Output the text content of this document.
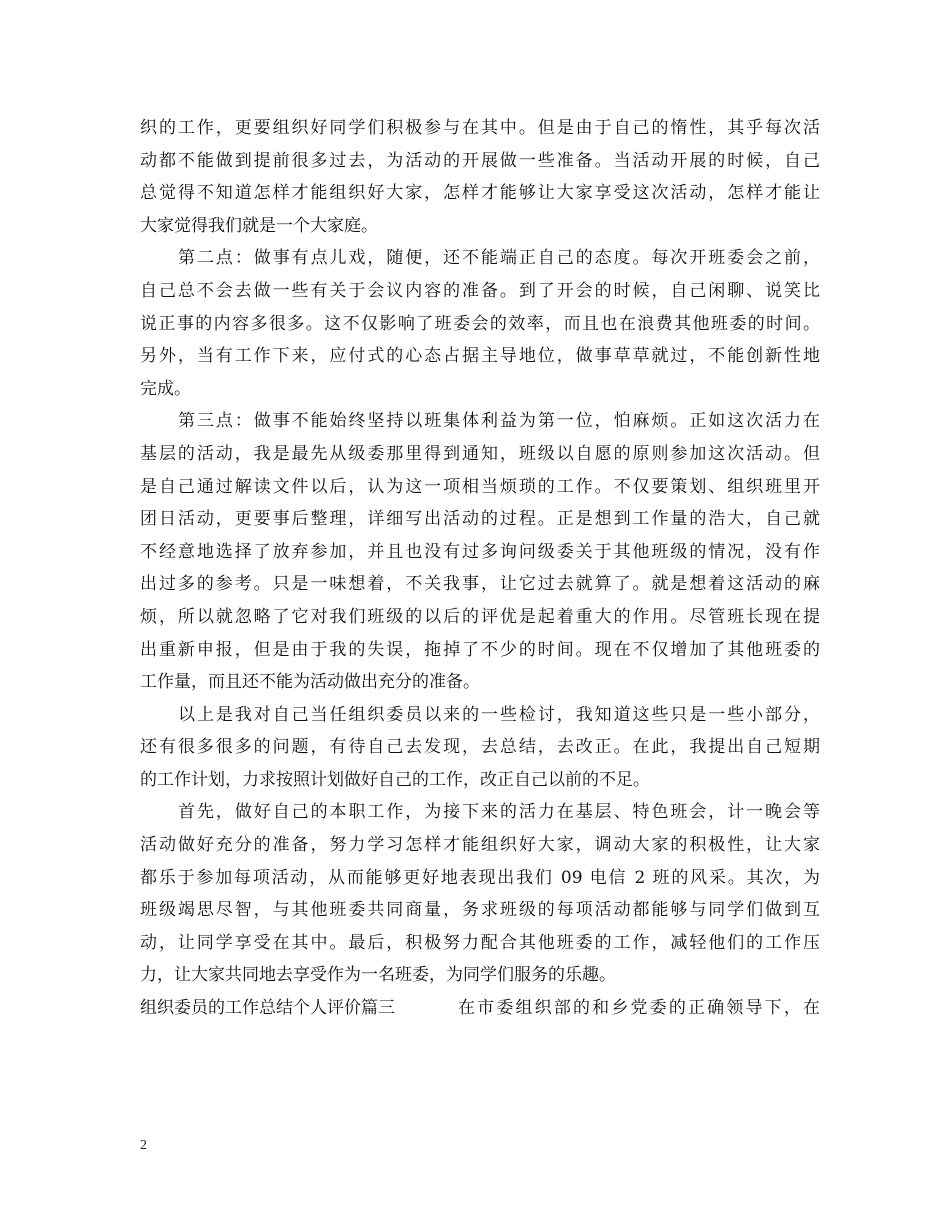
织的工作，更要组织好同学们积极参与在其中。但是由于自己的惰性，其乎每次活
动都不能做到提前很多过去，为活动的开展做一些准备。当活动开展的时候，自己
总觉得不知道怎样才能组织好大家，怎样才能够让大家享受这次活动，怎样才能让
大家觉得我们就是一个大家庭。
第二点：做事有点儿戏，随便，还不能端正自己的态度。每次开班委会之前，
自己总不会去做一些有关于会议内容的准备。到了开会的时候，自己闲聊、说笑比
说正事的内容多很多。这不仅影响了班委会的效率，而且也在浪费其他班委的时间。
另外，当有工作下来，应付式的心态占据主导地位，做事草草就过，不能创新性地
完成。
第三点：做事不能始终坚持以班集体利益为第一位，怕麻烦。正如这次活力在
基层的活动，我是最先从级委那里得到通知，班级以自愿的原则参加这次活动。但
是自己通过解读文件以后，认为这一项相当烦琐的工作。不仅要策划、组织班里开
团日活动，更要事后整理，详细写出活动的过程。正是想到工作量的浩大，自己就
不经意地选择了放弃参加，并且也没有过多询问级委关于其他班级的情况，没有作
出过多的参考。只是一味想着，不关我事，让它过去就算了。就是想着这活动的麻
烦，所以就忽略了它对我们班级的以后的评优是起着重大的作用。尽管班长现在提
出重新申报，但是由于我的失误，拖掉了不少的时间。现在不仅增加了其他班委的
工作量，而且还不能为活动做出充分的准备。
以上是我对自己当任组织委员以来的一些检讨，我知道这些只是一些小部分，
还有很多很多的问题，有待自己去发现，去总结，去改正。在此，我提出自己短期
的工作计划，力求按照计划做好自己的工作，改正自己以前的不足。
首先，做好自己的本职工作，为接下来的活力在基层、特色班会，计一晚会等
活动做好充分的准备，努力学习怎样才能组织好大家，调动大家的积极性，让大家
都乐于参加每项活动，从而能够更好地表现出我们 09 电信 2 班的风采。其次，为
班级竭思尽智，与其他班委共同商量，务求班级的每项活动都能够与同学们做到互
动，让同学享受在其中。最后，积极努力配合其他班委的工作，减轻他们的工作压
力，让大家共同地去享受作为一名班委，为同学们服务的乐趣。
组织委员的工作总结个人评价篇三	在市委组织部的和乡党委的正确领导下，在
2
